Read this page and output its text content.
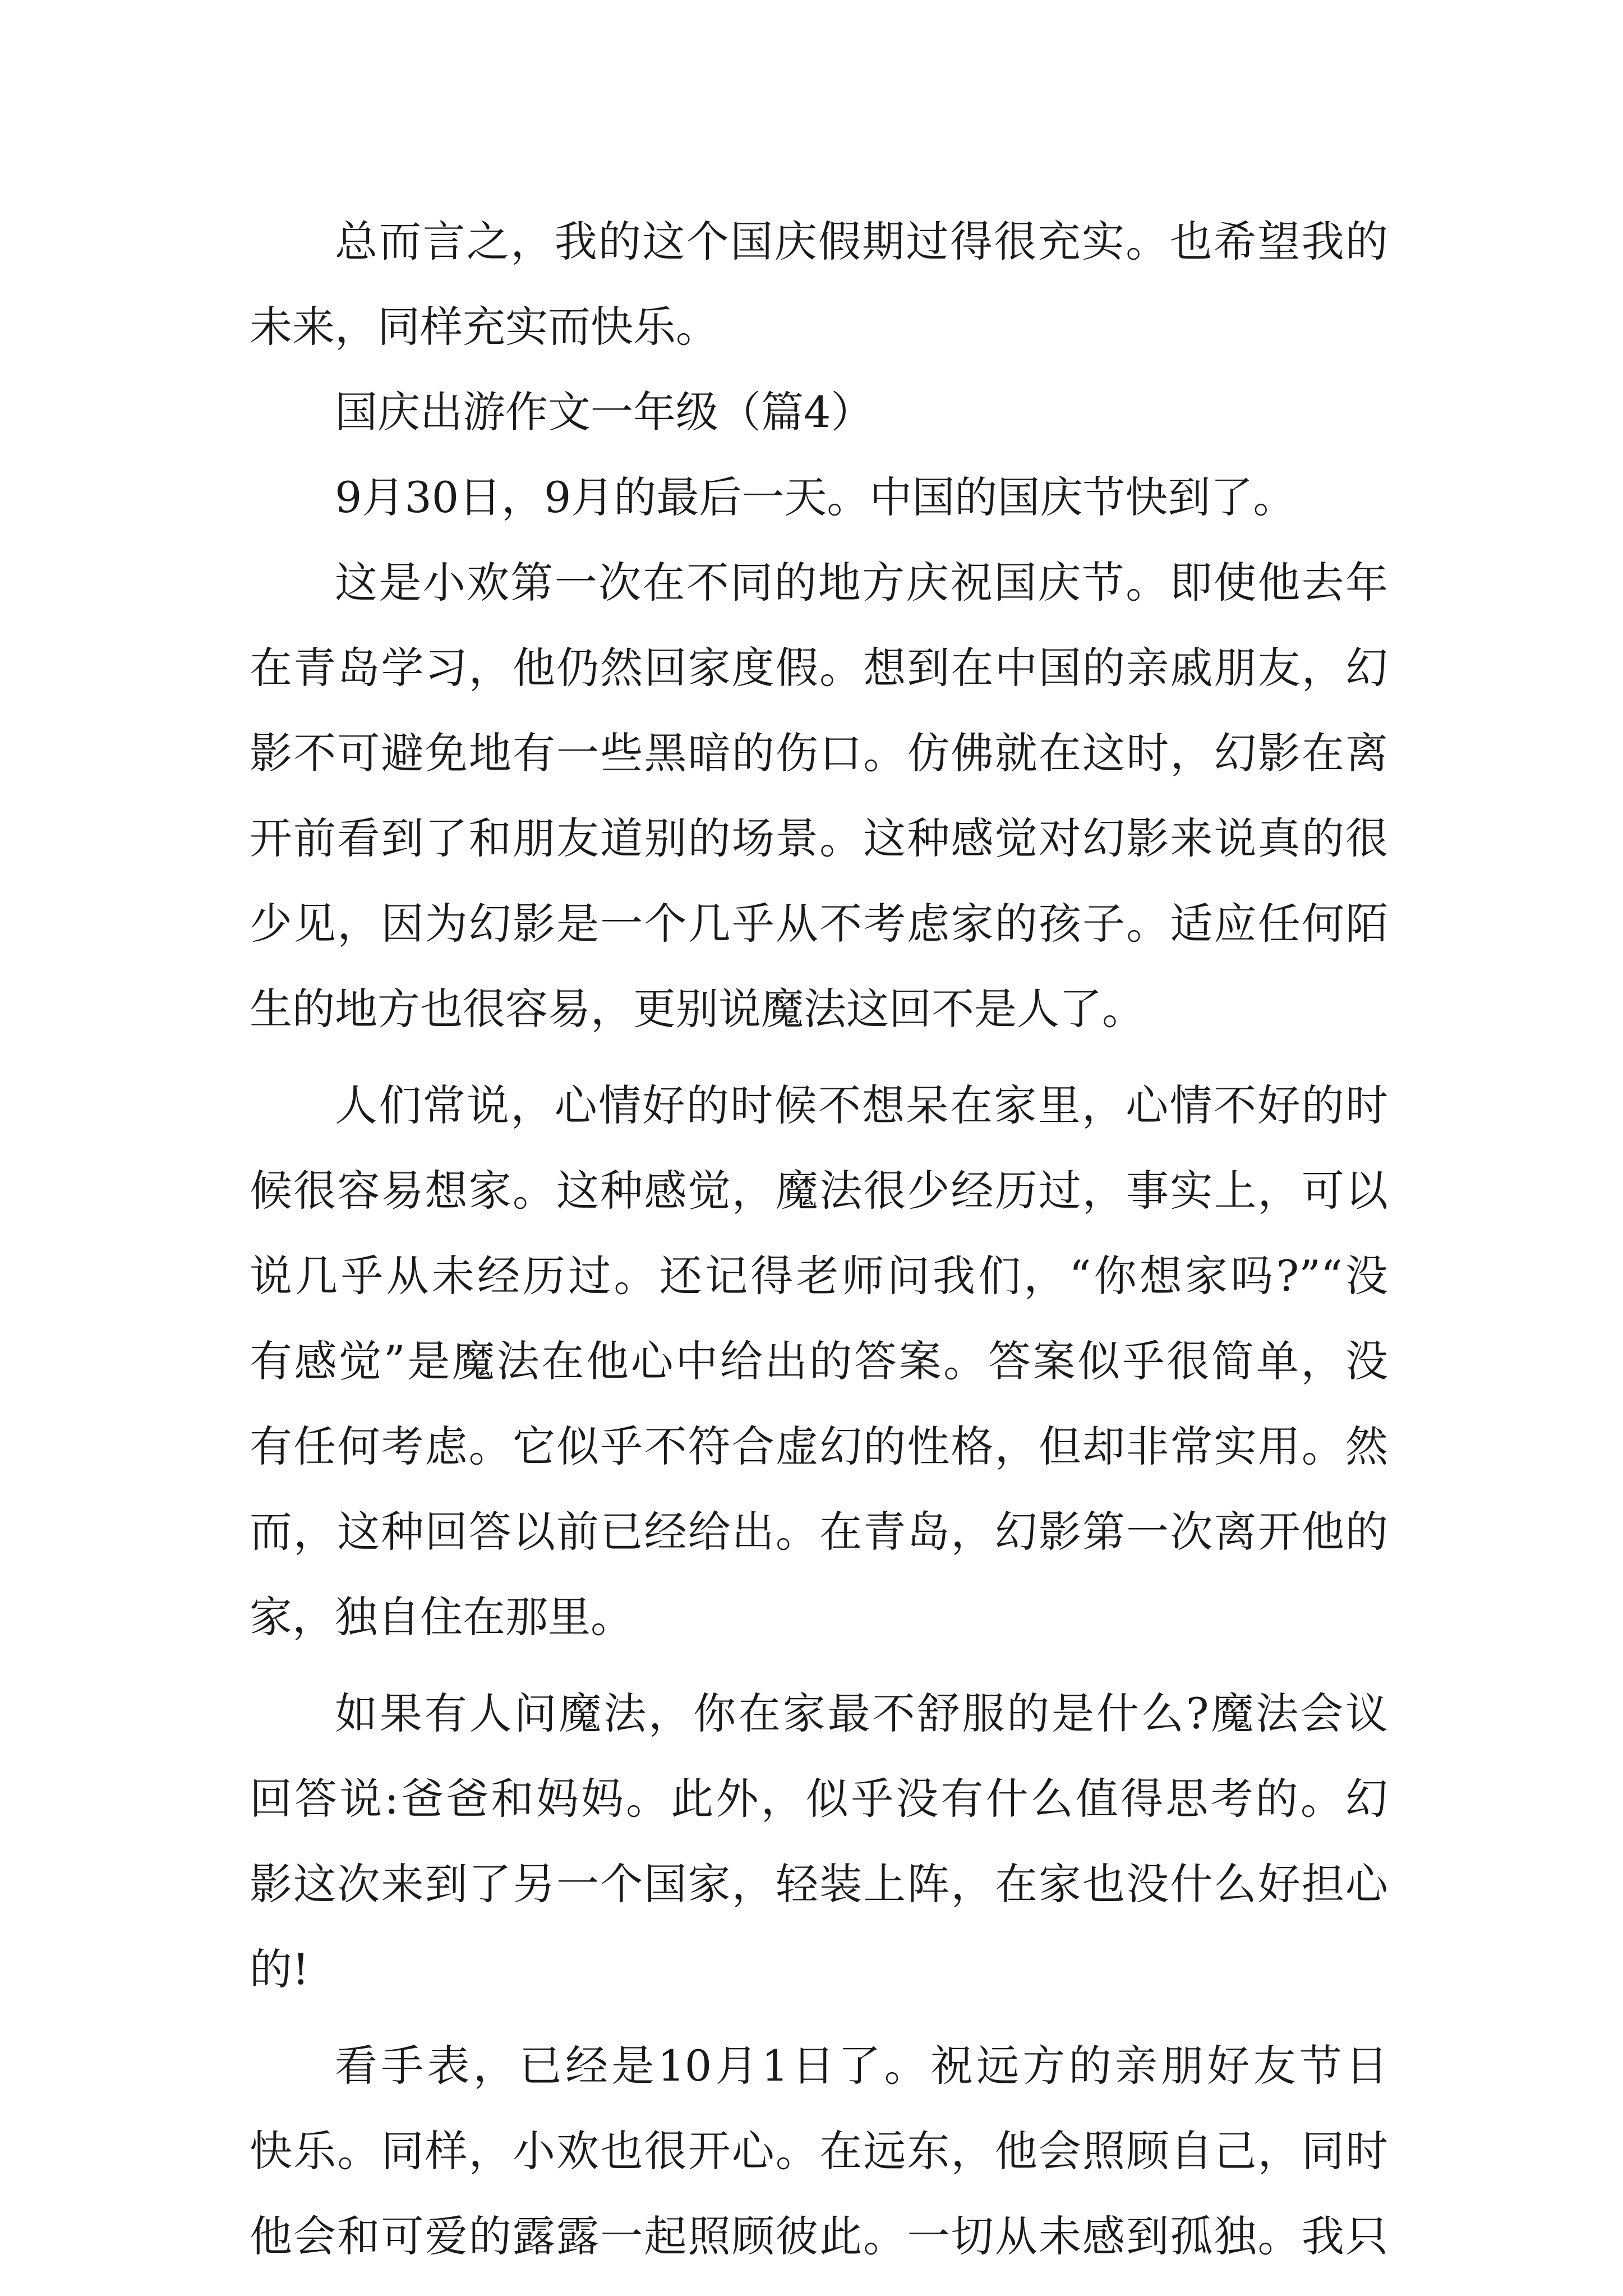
总而言之，我的这个国庆假期过得很充实。也希望我的
未来，同样充实而快乐。
国庆出游作文一年级（篇4）
9月30日，9月的最后一天。中国的国庆节快到了。
这是小欢第一次在不同的地方庆祝国庆节。即使他去年
在青岛学习，他仍然回家度假。想到在中国的亲戚朋友，幻
影不可避免地有一些黑暗的伤口。仿佛就在这时，幻影在离
开前看到了和朋友道别的场景。这种感觉对幻影来说真的很
少见，因为幻影是一个几乎从不考虑家的孩子。适应任何陌
生的地方也很容易，更别说魔法这回不是人了。
人们常说，心情好的时候不想呆在家里，心情不好的时
候很容易想家。这种感觉，魔法很少经历过，事实上，可以
说几乎从未经历过。还记得老师问我们，“你想家吗?”“没
有感觉”是魔法在他心中给出的答案。答案似乎很简单，没
有任何考虑。它似乎不符合虚幻的性格，但却非常实用。然
而，这种回答以前已经给出。在青岛，幻影第一次离开他的
家，独自住在那里。
如果有人问魔法，你在家最不舒服的是什么?魔法会议
回答说:爸爸和妈妈。此外，似乎没有什么值得思考的。幻
影这次来到了另一个国家，轻装上阵，在家也没什么好担心
的!
看手表，已经是10月1日了。祝远方的亲朋好友节日
快乐。同样，小欢也很开心。在远东，他会照顾自己，同时
他会和可爱的露露一起照顾彼此。一切从未感到孤独。我只
